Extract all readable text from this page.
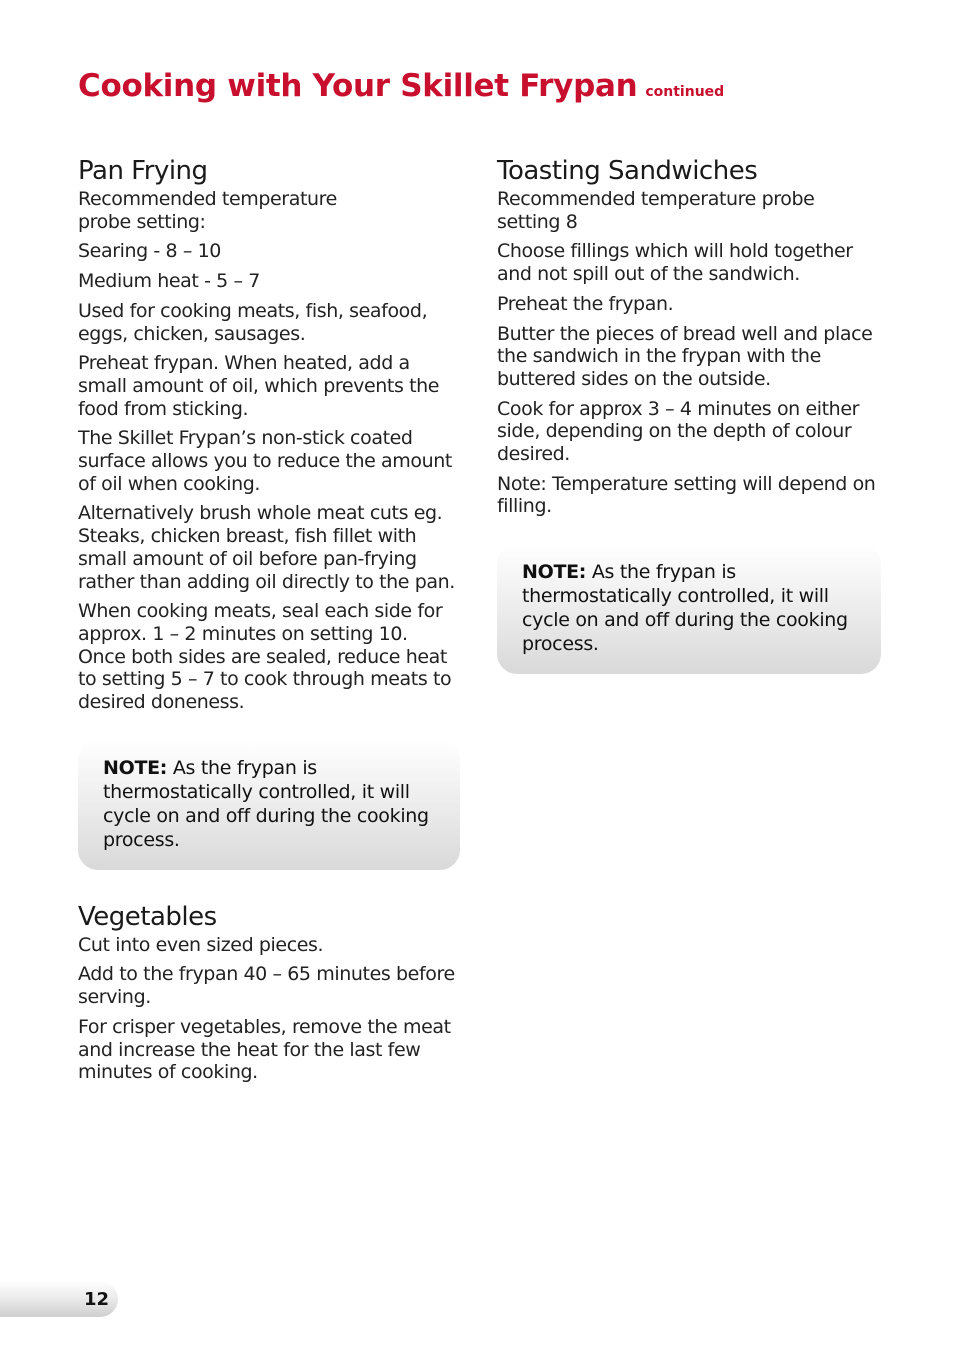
Cooking with Your Skillet Frypan continued
Pan Frying

Recommended temperature probe setting:

Searing - 8 – 10

Medium heat - 5 – 7

Used for cooking meats, fish, seafood, eggs, chicken, sausages.

Preheat frypan. When heated, add a small amount of oil, which prevents the food from sticking.

The Skillet Frypan’s non-stick coated surface allows you to reduce the amount of oil when cooking.

Alternatively brush whole meat cuts eg. Steaks, chicken breast, fish fillet with small amount of oil before pan-frying rather than adding oil directly to the pan.

When cooking meats, seal each side for approx. 1 – 2 minutes on setting 10. Once both sides are sealed, reduce heat to setting 5 – 7 to cook through meats to desired doneness.

NOTE: As the frypan is thermostatically controlled, it will cycle on and off during the cooking process.
Vegetables

Cut into even sized pieces.

Add to the frypan 40 – 65 minutes before serving.

For crisper vegetables, remove the meat and increase the heat for the last few minutes of cooking.

Toasting Sandwiches

Recommended temperature probe setting 8

Choose fillings which will hold together and not spill out of the sandwich.

Preheat the frypan.

Butter the pieces of bread well and place the sandwich in the frypan with the buttered sides on the outside.

Cook for approx 3 – 4 minutes on either side, depending on the depth of colour desired.

Note: Temperature setting will depend on filling.

NOTE: As the frypan is thermostatically controlled, it will cycle on and off during the cooking process.
12
